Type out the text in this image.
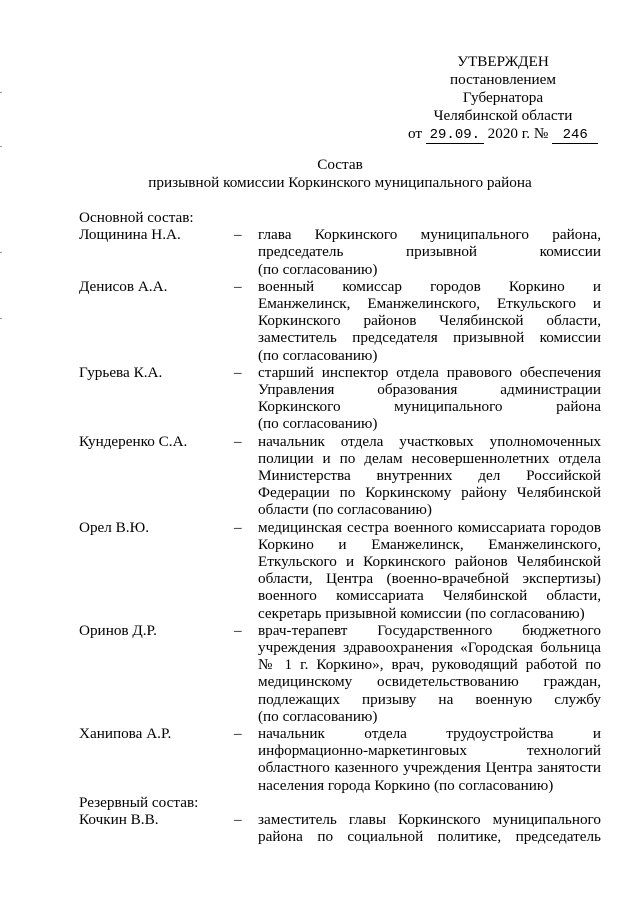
УТВЕРЖДЕН
постановлением Губернатора
Челябинской области
от 29.09. 2020 г. № 246
Состав
призывной комиссии Коркинского муниципального района
Основной состав:
Лощинина Н.А.	–	глава Коркинского муниципального района,
председатель призывной комиссии
(по согласованию)
Денисов А.А.	–	военный комиссар городов Коркино и
Еманжелинск, Еманжелинского, Еткульского и
Коркинского районов Челябинской области,
заместитель председателя призывной комиссии
(по согласованию)
Гурьева К.А.	–	старший инспектор отдела правового обеспечения
Управления образования администрации
Коркинского муниципального района
(по согласованию)
Кундеренко С.А.	–	начальник отдела участковых уполномоченных
полиции и по делам несовершеннолетних отдела
Министерства внутренних дел Российской
Федерации по Коркинскому району Челябинской
области (по согласованию)
Орел В.Ю.	–	медицинская сестра военного комиссариата городов
Коркино и Еманжелинск, Еманжелинского,
Еткульского и Коркинского районов Челябинской
области, Центра (военно-врачебной экспертизы)
военного комиссариата Челябинской области,
секретарь призывной комиссии (по согласованию)
Оринов Д.Р.	–	врач-терапевт Государственного бюджетного
учреждения здравоохранения «Городская больница
№ 1 г. Коркино», врач, руководящий работой по
медицинскому освидетельствованию граждан,
подлежащих призыву на военную службу
(по согласованию)
Ханипова А.Р.	–	начальник отдела трудоустройства и
информационно-маркетинговых технологий
областного казенного учреждения Центра занятости
населения города Коркино (по согласованию)
Резервный состав:
Кочкин В.В.	–	заместитель главы Коркинского муниципального
района по социальной политике, председатель
